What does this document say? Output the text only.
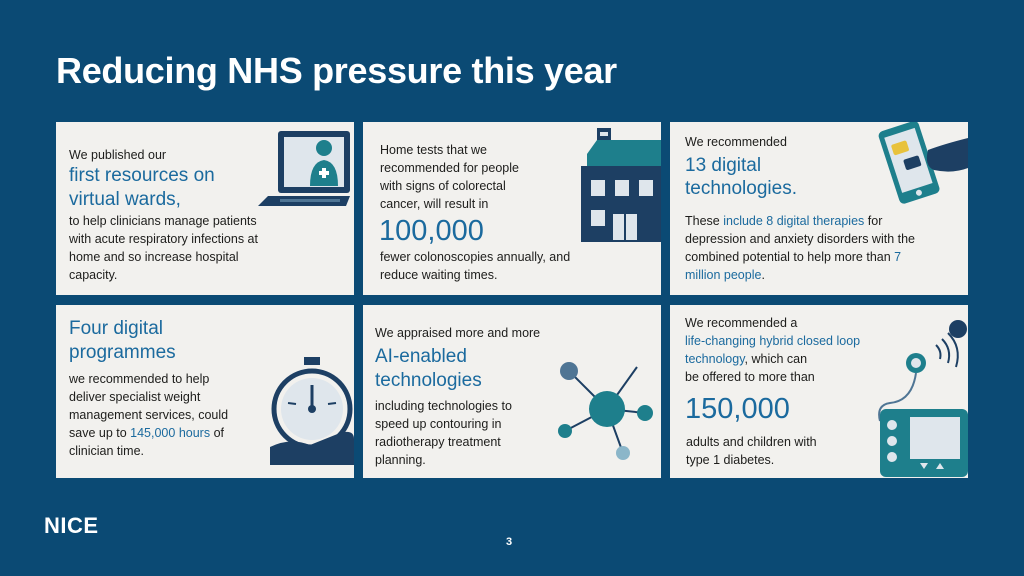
Reducing NHS pressure this year
We published our
first resources on
virtual wards,
to help clinicians manage patients
with acute respiratory infections at
home and so increase hospital
capacity.
Home tests that we
recommended for people
with signs of colorectal
cancer, will result in
100,000
fewer colonoscopies annually, and
reduce waiting times.
We recommended
13 digital
technologies.
These include 8 digital therapies for
depression and anxiety disorders with the
combined potential to help more than 7
million people.
Four digital
programmes
we recommended to help
deliver specialist weight
management services, could
save up to 145,000 hours of
clinician time.
We appraised more and more
AI-enabled
technologies
including technologies to
speed up contouring in
radiotherapy treatment
planning.
We recommended a
life-changing hybrid closed loop
technology, which can
be offered to more than
150,000
adults and children with
type 1 diabetes.
NICE
3
